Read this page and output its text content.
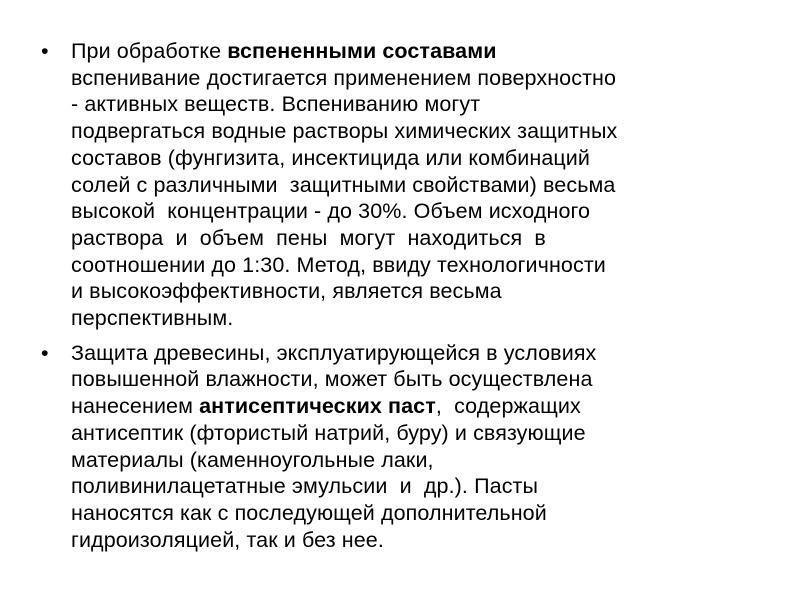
• При обработке вспененными составами
вспенивание достигается применением поверхностно
- активных веществ. Вспениванию могут
подвергаться водные растворы химических защитных
составов (фунгизита, инсектицида или комбинаций
солей с различными  защитными свойствами) весьма
высокой  концентрации - до 30%. Объем исходного
раствора  и  объем  пены  могут  находиться  в
соотношении до 1:30. Метод, ввиду технологичности
и высокоэффективности, является весьма
перспективным.
• Защита древесины, эксплуатирующейся в условиях
повышенной влажности, может быть осуществлена
нанесением антисептических паст,  содержащих
антисептик (фтористый натрий, буру) и связующие
материалы (каменноугольные лаки,
поливинилацетатные эмульсии  и  др.). Пасты
наносятся как с последующей дополнительной
гидроизоляцией, так и без нее.
